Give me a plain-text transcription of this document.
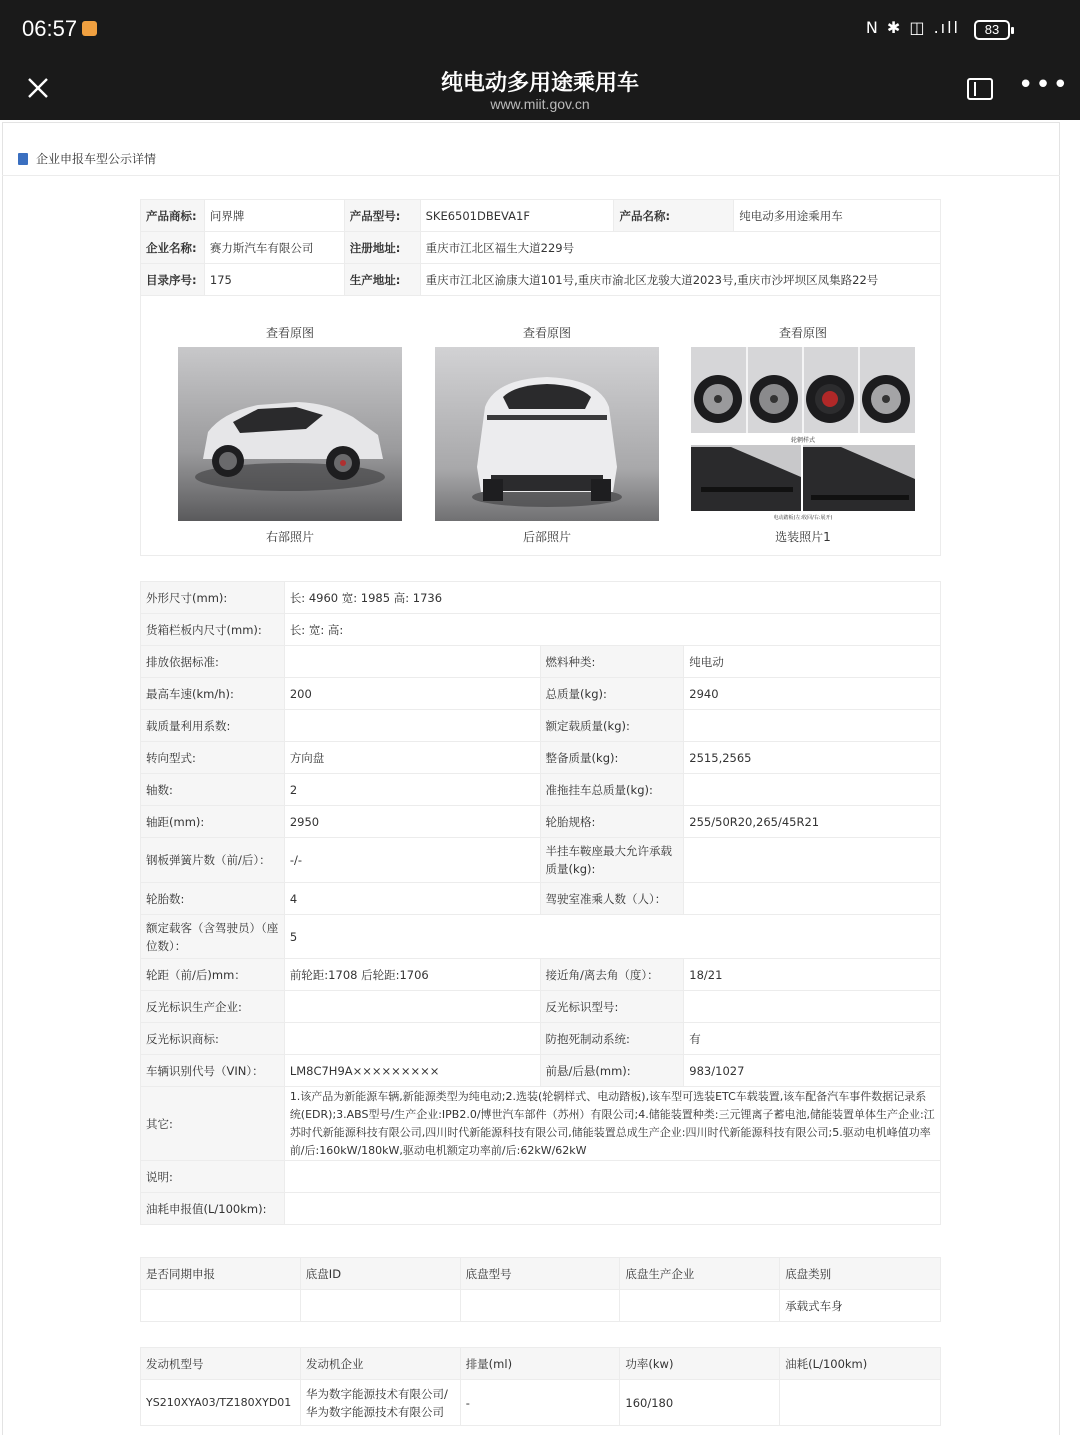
06:57	N ✱ ◫ .ıll	83
纯电动多用途乘用车
www.miit.gov.cn
•••
企业申报车型公示详情
产品商标:	问界牌	产品型号:	SKE6501DBEVA1F	产品名称:	纯电动多用途乘用车
企业名称:	赛力斯汽车有限公司	注册地址:	重庆市江北区福生大道229号		
目录序号:	175	生产地址:	重庆市江北区渝康大道101号,重庆市渝北区龙骏大道2023号,重庆市沙坪坝区凤集路22号		
查看原图
右部照片
查看原图
后部照片
查看原图
轮辋样式
电动踏板(左:收回/右:展开)
选装照片1
外形尺寸(mm):	长: 4960 宽: 1985 高: 1736		
货箱栏板内尺寸(mm):	长: 宽: 高:		
排放依据标准:		燃料种类:	纯电动
最高车速(km/h):	200	总质量(kg):	2940
载质量利用系数:		额定载质量(kg):	
转向型式:	方向盘	整备质量(kg):	2515,2565
轴数:	2	准拖挂车总质量(kg):	
轴距(mm):	2950	轮胎规格:	255/50R20,265/45R21
钢板弹簧片数（前/后）：	-/-	半挂车鞍座最大允许承载质量(kg):	
轮胎数:	4	驾驶室准乘人数（人）：	
额定载客（含驾驶员）（座位数）：	5		
轮距（前/后)mm：	前轮距:1708 后轮距:1706	接近角/离去角（度）：	18/21
反光标识生产企业:		反光标识型号:	
反光标识商标:		防抱死制动系统:	有
车辆识别代号（VIN）：	LM8C7H9A×××××××××	前悬/后悬(mm):	983/1027
其它:	1.该产品为新能源车辆,新能源类型为纯电动;2.选装(轮辋样式、电动踏板),该车型可选装ETC车载装置,该车配备汽车事件数据记录系统(EDR);3.ABS型号/生产企业:IPB2.0/博世汽车部件（苏州）有限公司;4.储能装置种类:三元锂离子蓄电池,储能装置单体生产企业:江苏时代新能源科技有限公司,四川时代新能源科技有限公司,储能装置总成生产企业:四川时代新能源科技有限公司;5.驱动电机峰值功率前/后:160kW/180kW,驱动电机额定功率前/后:62kW/62kW		
说明:			
油耗申报值(L/100km):			
是否同期申报	底盘ID	底盘型号	底盘生产企业	底盘类别
				承载式车身
发动机型号	发动机企业	排量(ml)	功率(kw)	油耗(L/100km)
YS210XYA03/TZ180XYD01	华为数字能源技术有限公司/华为数字能源技术有限公司	-	160/180	
